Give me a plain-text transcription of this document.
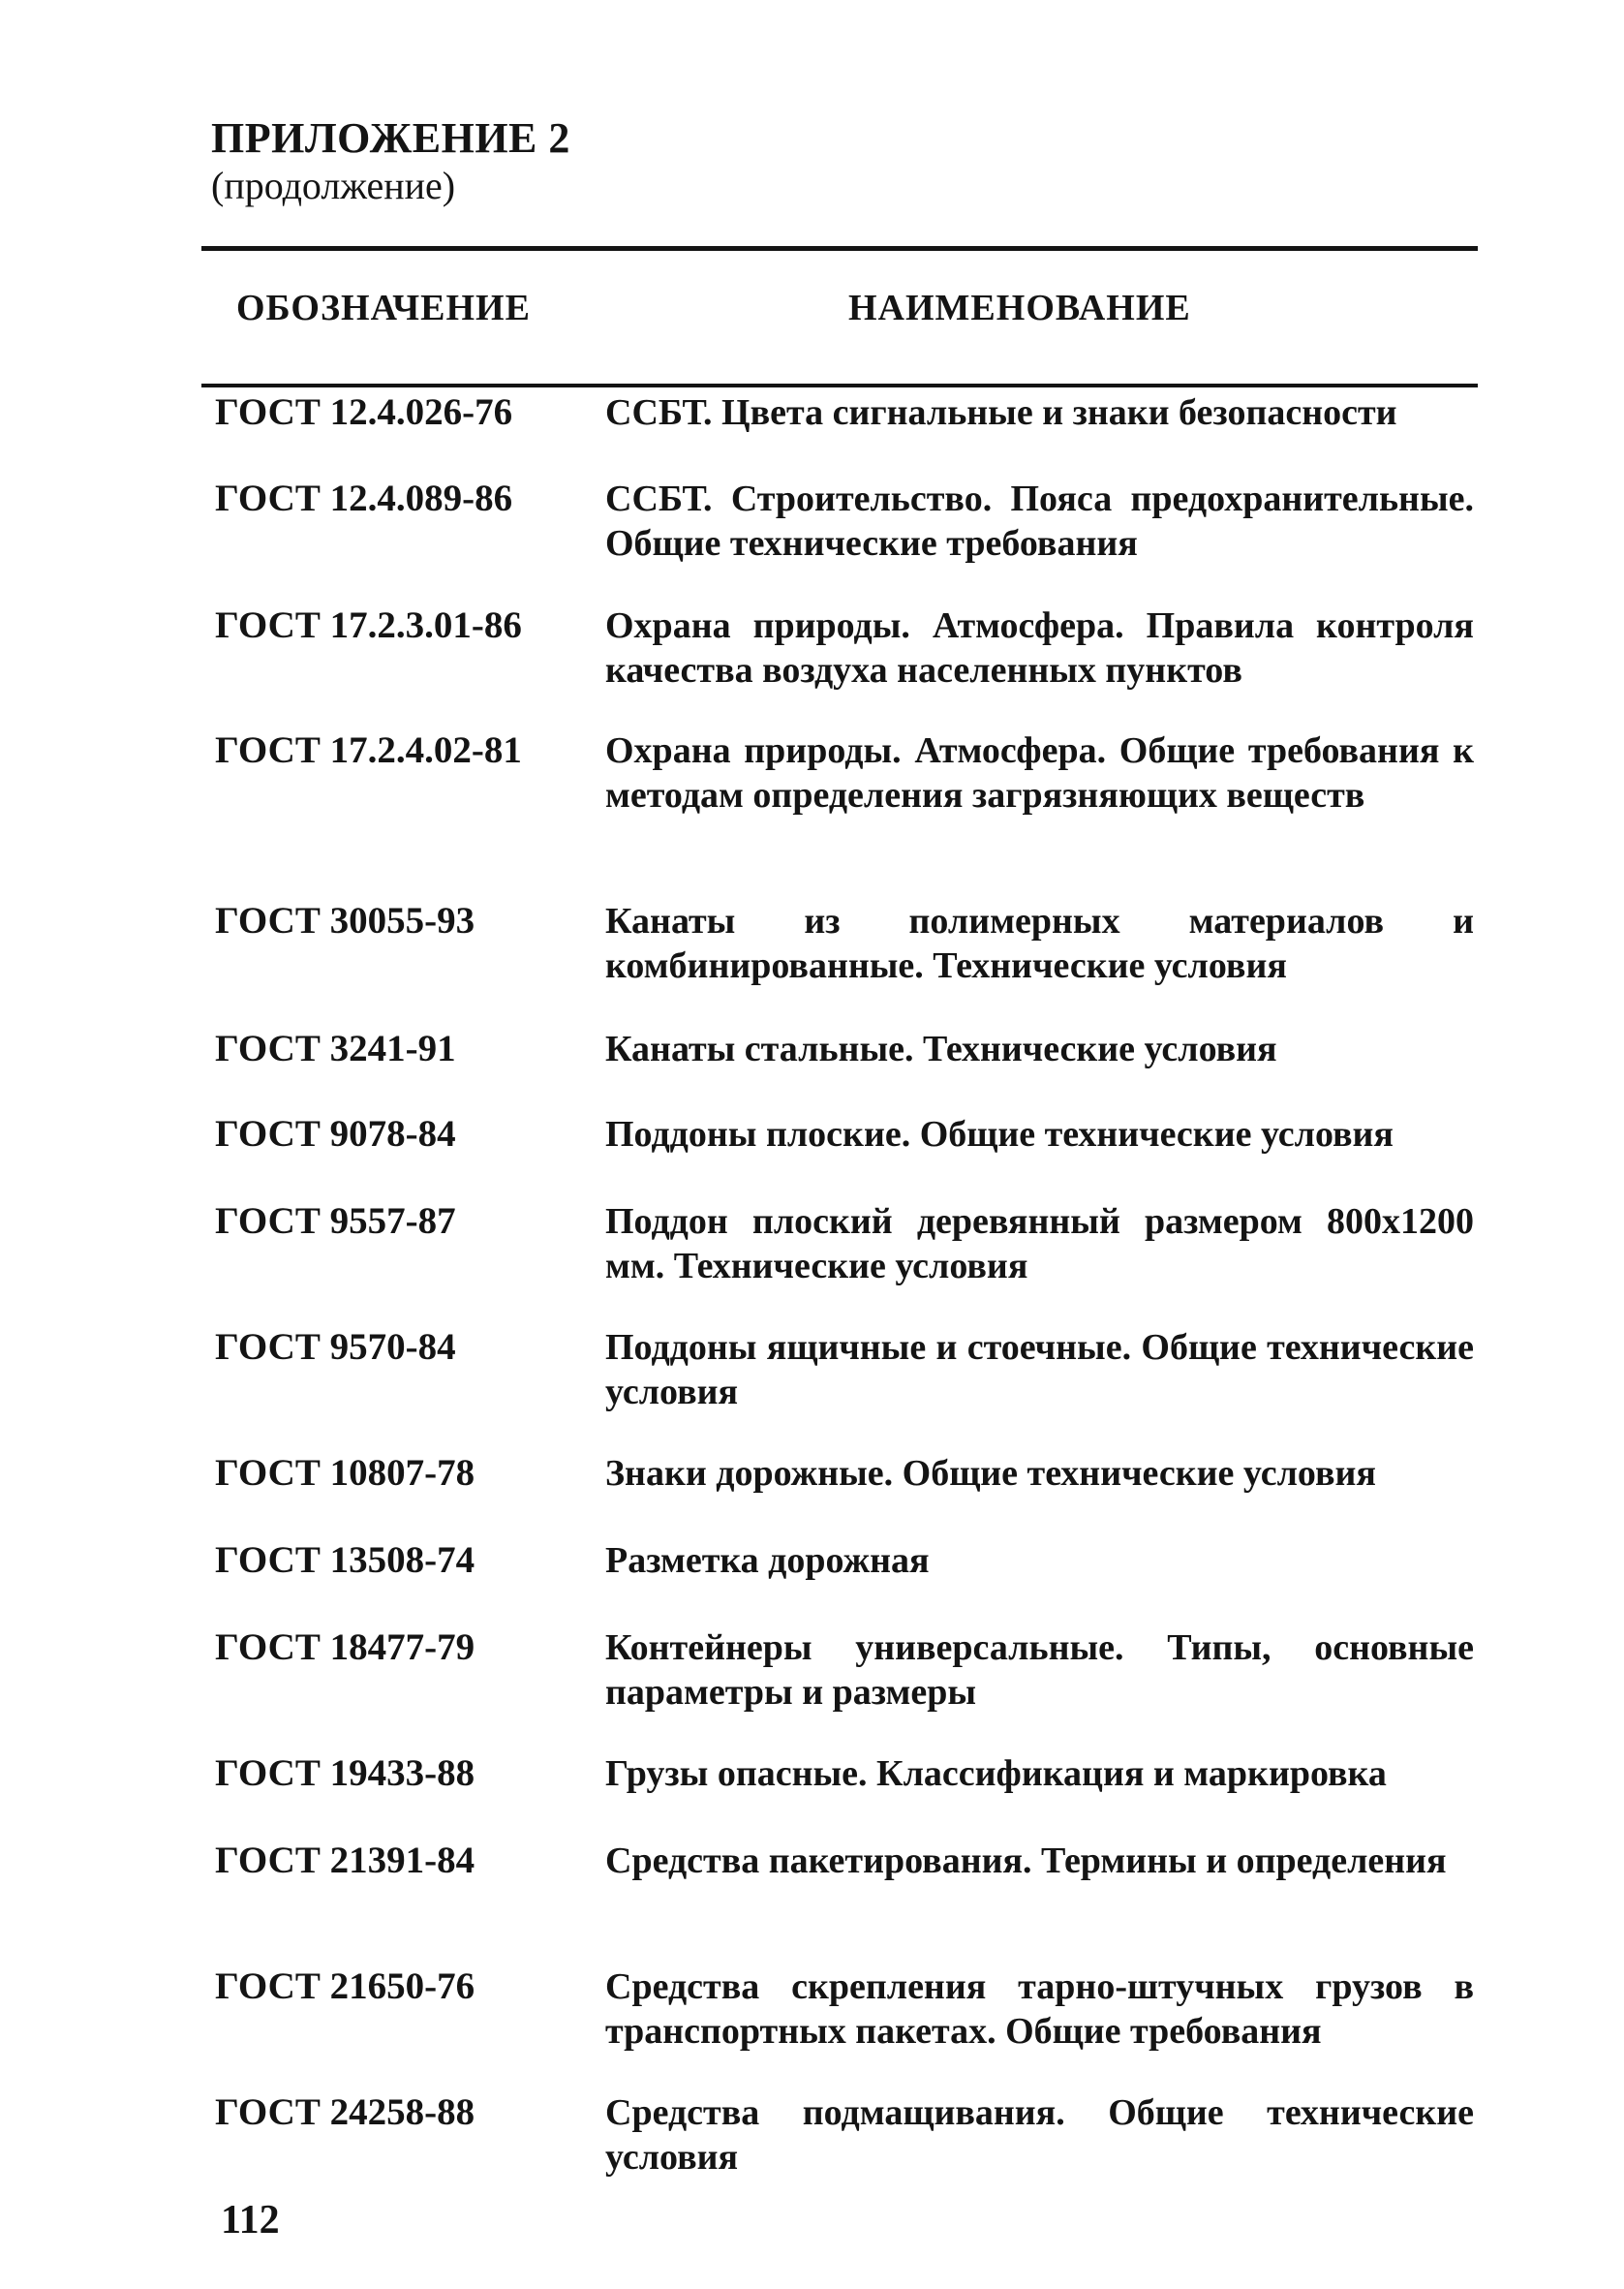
ПРИЛОЖЕНИЕ 2
(продолжение)
ОБОЗНАЧЕНИЕ	НАИМЕНОВАНИЕ
ГОСТ 12.4.026-76	ССБТ. Цвета сигнальные и знаки безопасности
ГОСТ 12.4.089-86	ССБТ. Строительство. Пояса предохранительные. Общие технические требования
ГОСТ 17.2.3.01-86	Охрана природы. Атмосфера. Правила контроля качества воздуха населенных пунктов
ГОСТ 17.2.4.02-81	Охрана природы. Атмосфера. Общие требования к методам определения загрязняющих веществ
ГОСТ 30055-93	Канаты из полимерных материалов и комбинированные. Технические условия
ГОСТ 3241-91	Канаты стальные. Технические условия
ГОСТ 9078-84	Поддоны плоские. Общие технические условия
ГОСТ 9557-87	Поддон плоский деревянный размером 800х1200 мм. Технические условия
ГОСТ 9570-84	Поддоны ящичные и стоечные. Общие технические условия
ГОСТ 10807-78	Знаки дорожные. Общие технические условия
ГОСТ 13508-74	Разметка дорожная
ГОСТ 18477-79	Контейнеры универсальные. Типы, основные параметры и размеры
ГОСТ 19433-88	Грузы опасные. Классификация и маркировка
ГОСТ 21391-84	Средства пакетирования. Термины и определения
ГОСТ 21650-76	Средства скрепления тарно-штучных грузов в транспортных пакетах. Общие требования
ГОСТ 24258-88	Средства подмащивания. Общие технические условия
112
